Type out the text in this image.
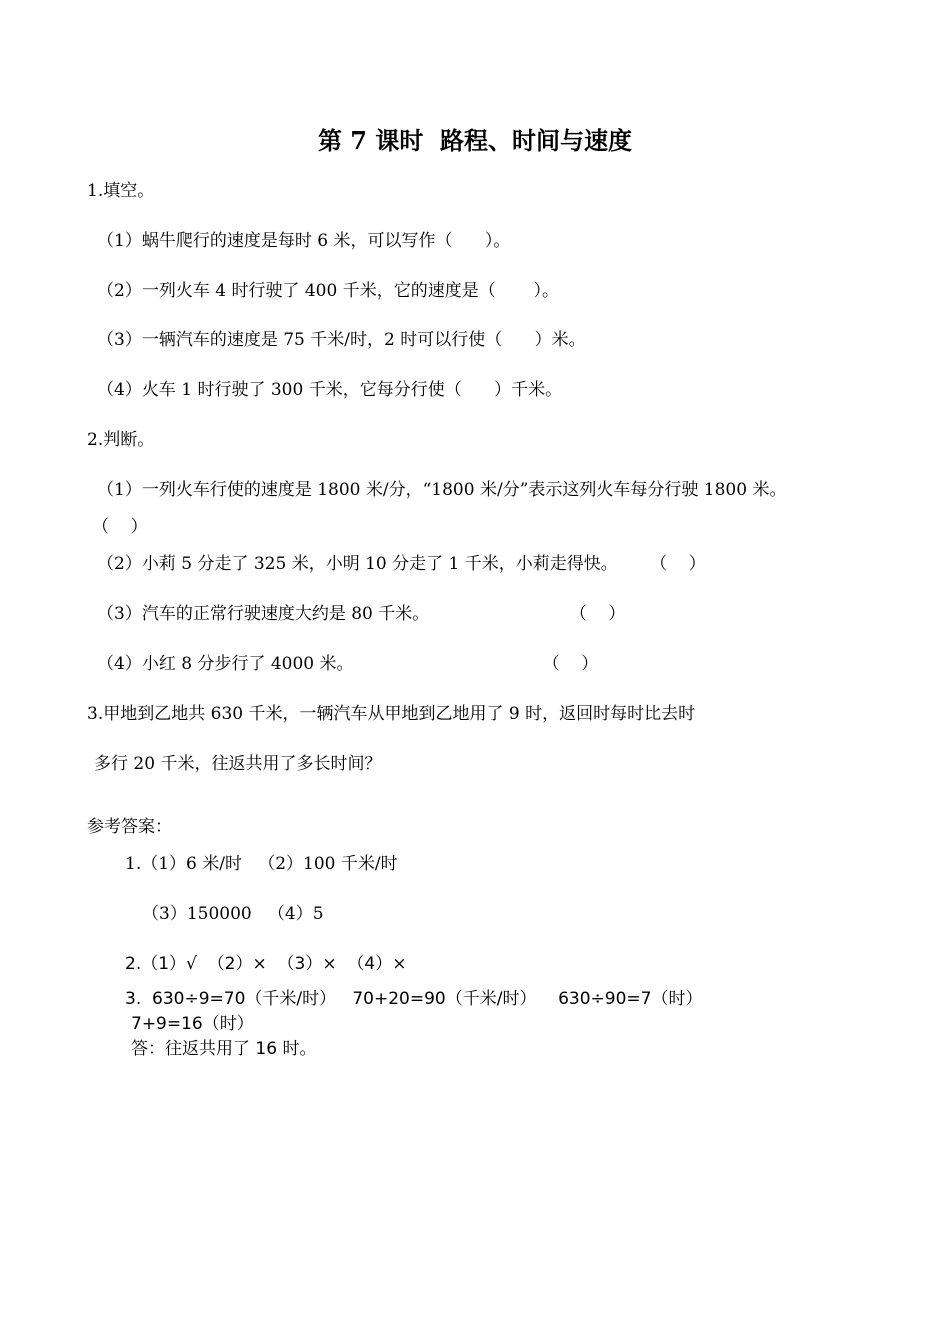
第 7 课时  路程、时间与速度
1.填空。
（1）蜗牛爬行的速度是每时 6 米，可以写作（      ）。
（2）一列火车 4 时行驶了 400 千米，它的速度是（       ）。
（3）一辆汽车的速度是 75 千米/时，2 时可以行使（      ）米。
（4）火车 1 时行驶了 300 千米，它每分行使（      ）千米。
2.判断。
（1）一列火车行使的速度是 1800 米/分，“1800 米/分”表示这列火车每分行驶 1800 米。
（    ）
（2）小莉 5 分走了 325 米，小明 10 分走了 1 千米，小莉走得快。      （    ）
（3）汽车的正常行驶速度大约是 80 千米。                          （    ）
（4）小红 8 分步行了 4000 米。                                   （    ）
3.甲地到乙地共 630 千米，一辆汽车从甲地到乙地用了 9 时，返回时每时比去时
多行 20 千米，往返共用了多长时间？
参考答案：
1.（1）6 米/时   （2）100 千米/时
（3）150000   （4）5
2.（1）√  （2）×  （3）×  （4）×
3.  630÷9=70（千米/时）   70+20=90（千米/时）    630÷90=7（时）
7+9=16（时）
答：往返共用了 16 时。
